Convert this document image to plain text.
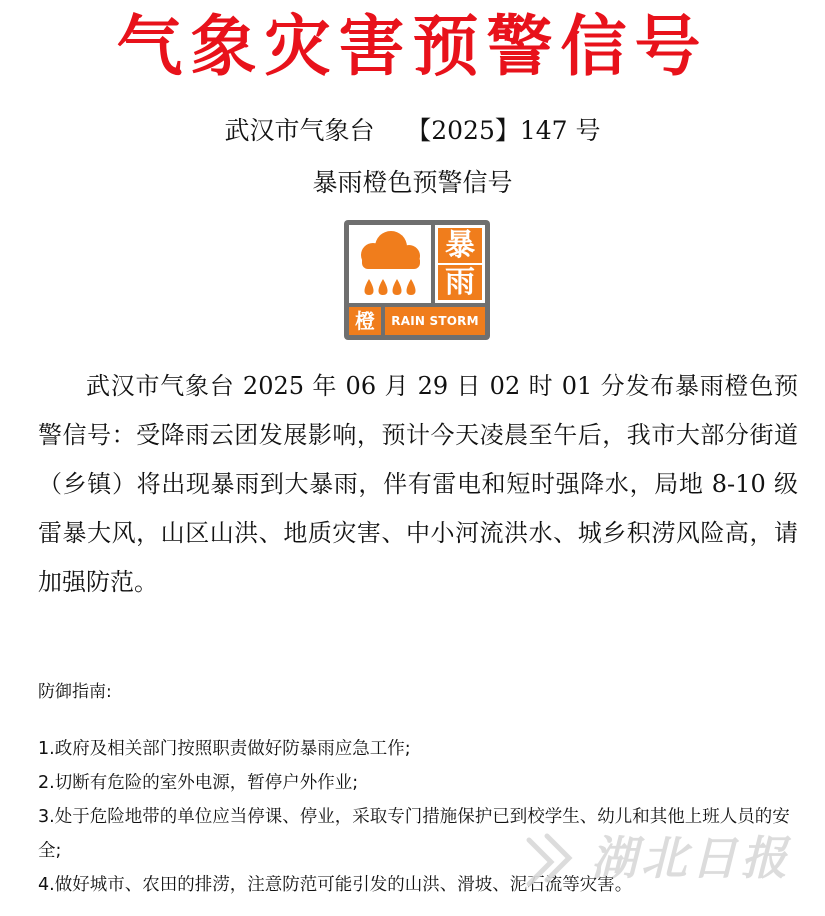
气象灾害预警信号
武汉市气象台    【2025】147 号
暴雨橙色预警信号
暴
雨
橙	RAIN STORM

武汉市气象台 2025 年 06 月 29 日 02 时 01 分发布暴雨橙色预警信号：受降雨云团发展影响，预计今天凌晨至午后，我市大部分街道（乡镇）将出现暴雨到大暴雨，伴有雷电和短时强降水，局地 8-10 级雷暴大风，山区山洪、地质灾害、中小河流洪水、城乡积涝风险高，请加强防范。

防御指南:
1.政府及相关部门按照职责做好防暴雨应急工作;
2.切断有危险的室外电源，暂停户外作业;
3.处于危险地带的单位应当停课、停业，采取专门措施保护已到校学生、幼儿和其他上班人员的安全;
4.做好城市、农田的排涝，注意防范可能引发的山洪、滑坡、泥石流等灾害。
湖北日报
